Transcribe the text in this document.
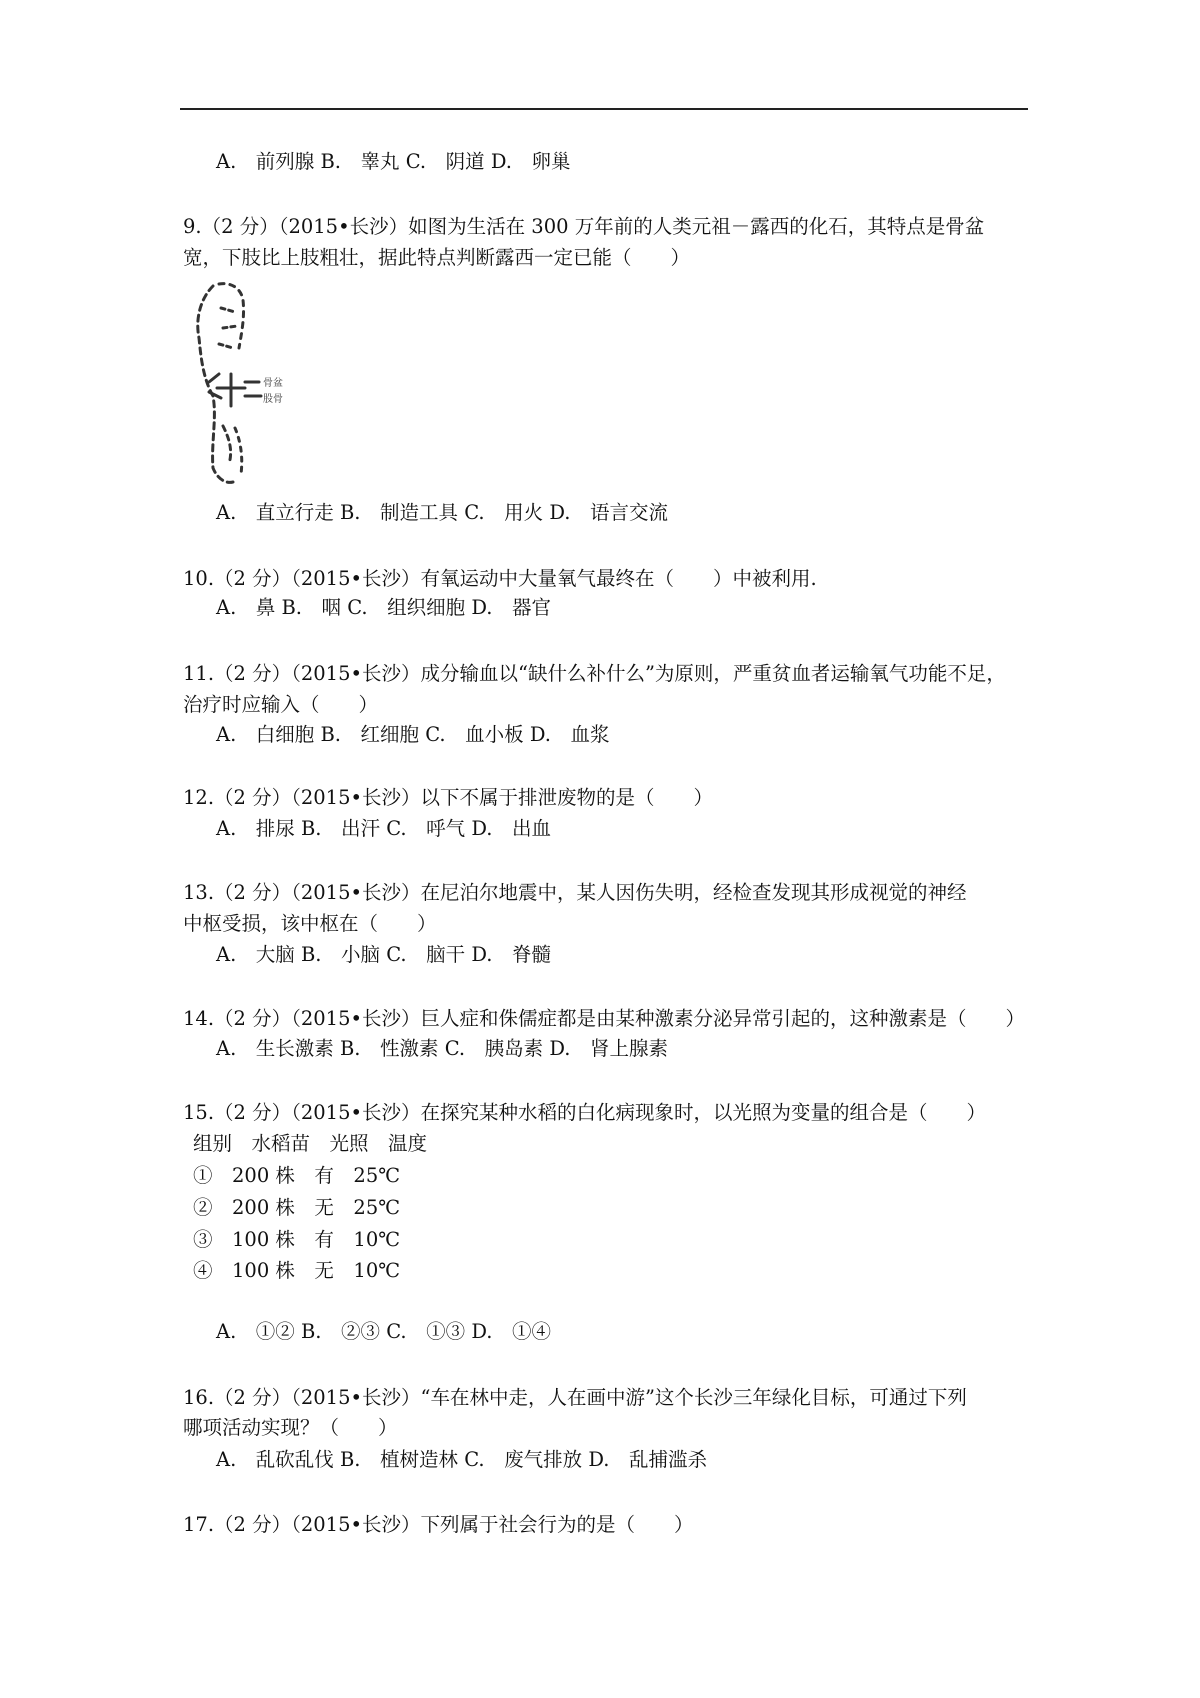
A.　前列腺 B.　睾丸 C.　阴道 D.　卵巢
9.（2 分）（2015•长沙）如图为生活在 300 万年前的人类元祖－露西的化石，其特点是骨盆
宽，下肢比上肢粗壮，据此特点判断露西一定已能（　　）
骨盆
股骨
A.　直立行走 B.　制造工具 C.　用火 D.　语言交流
10.（2 分）（2015•长沙）有氧运动中大量氧气最终在（　　）中被利用.
A.　鼻 B.　咽 C.　组织细胞 D.　器官
11.（2 分）（2015•长沙）成分输血以“缺什么补什么”为原则，严重贫血者运输氧气功能不足，
治疗时应输入（　　）
A.　白细胞 B.　红细胞 C.　血小板 D.　血浆
12.（2 分）（2015•长沙）以下不属于排泄废物的是（　　）
A.　排尿 B.　出汗 C.　呼气 D.　出血
13.（2 分）（2015•长沙）在尼泊尔地震中，某人因伤失明，经检查发现其形成视觉的神经
中枢受损，该中枢在（　　）
A.　大脑 B.　小脑 C.　脑干 D.　脊髓
14.（2 分）（2015•长沙）巨人症和侏儒症都是由某种激素分泌异常引起的，这种激素是（　　）
A.　生长激素 B.　性激素 C.　胰岛素 D.　肾上腺素
15.（2 分）（2015•长沙）在探究某种水稻的白化病现象时，以光照为变量的组合是（　　）
组别　水稻苗　光照　温度
①　200 株　有　25℃
②　200 株　无　25℃
③　100 株　有　10℃
④　100 株　无　10℃
A.　①② B.　②③ C.　①③ D.　①④
16.（2 分）（2015•长沙）“车在林中走，人在画中游”这个长沙三年绿化目标，可通过下列
哪项活动实现？（　　）
A.　乱砍乱伐 B.　植树造林 C.　废气排放 D.　乱捕滥杀
17.（2 分）（2015•长沙）下列属于社会行为的是（　　）
